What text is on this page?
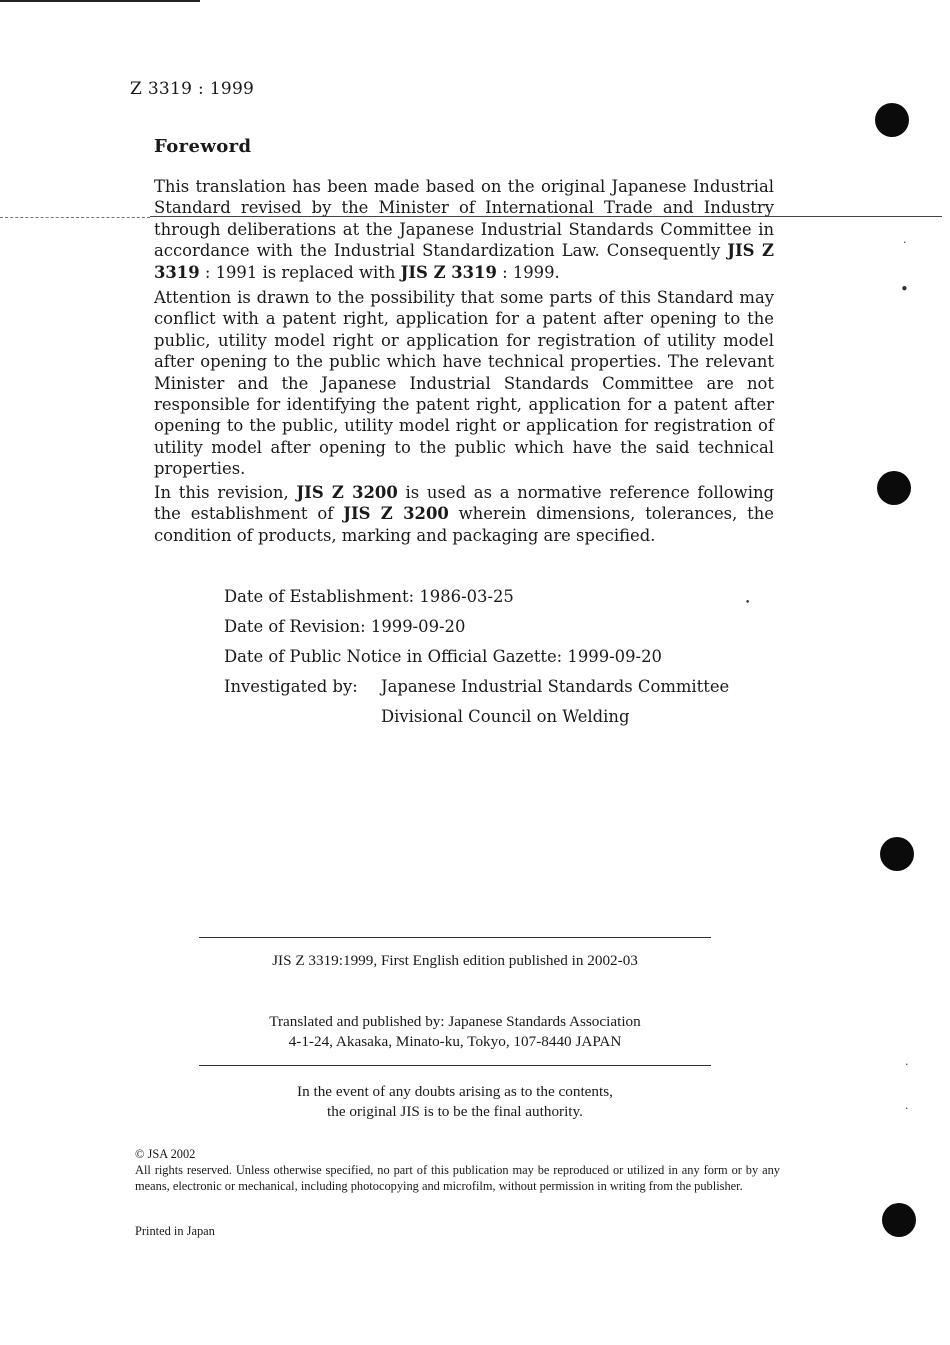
·
•
·
·
•
Z 3319 : 1999
Foreword
This translation has been made based on the original Japanese Industrial Standard revised by the Minister of International Trade and Industry through deliberations at the Japanese Industrial Standards Committee in accordance with the Industrial Standardization Law. Consequently JIS Z 3319 : 1991 is replaced with JIS Z 3319 : 1999.
Attention is drawn to the possibility that some parts of this Standard may conflict with a patent right, application for a patent after opening to the public, utility model right or application for registration of utility model after opening to the public which have technical properties. The relevant Minister and the Japanese Industrial Standards Committee are not responsible for identifying the patent right, application for a patent after opening to the public, utility model right or application for registration of utility model after opening to the public which have the said technical properties.
In this revision, JIS Z 3200 is used as a normative reference following the establishment of JIS Z 3200 wherein dimensions, tolerances, the condition of products, marking and packaging are specified.
Date of Establishment: 1986-03-25
Date of Revision: 1999-09-20
Date of Public Notice in Official Gazette: 1999-09-20
Investigated by: Japanese Industrial Standards Committee
Divisional Council on Welding
JIS Z 3319:1999, First English edition published in 2002-03
Translated and published by: Japanese Standards Association
4-1-24, Akasaka, Minato-ku, Tokyo, 107-8440 JAPAN
In the event of any doubts arising as to the contents,
the original JIS is to be the final authority.
© JSA 2002
All rights reserved. Unless otherwise specified, no part of this publication may be reproduced or utilized in any form or by any means, electronic or mechanical, including photocopying and microfilm, without permission in writing from the publisher.
Printed in Japan
